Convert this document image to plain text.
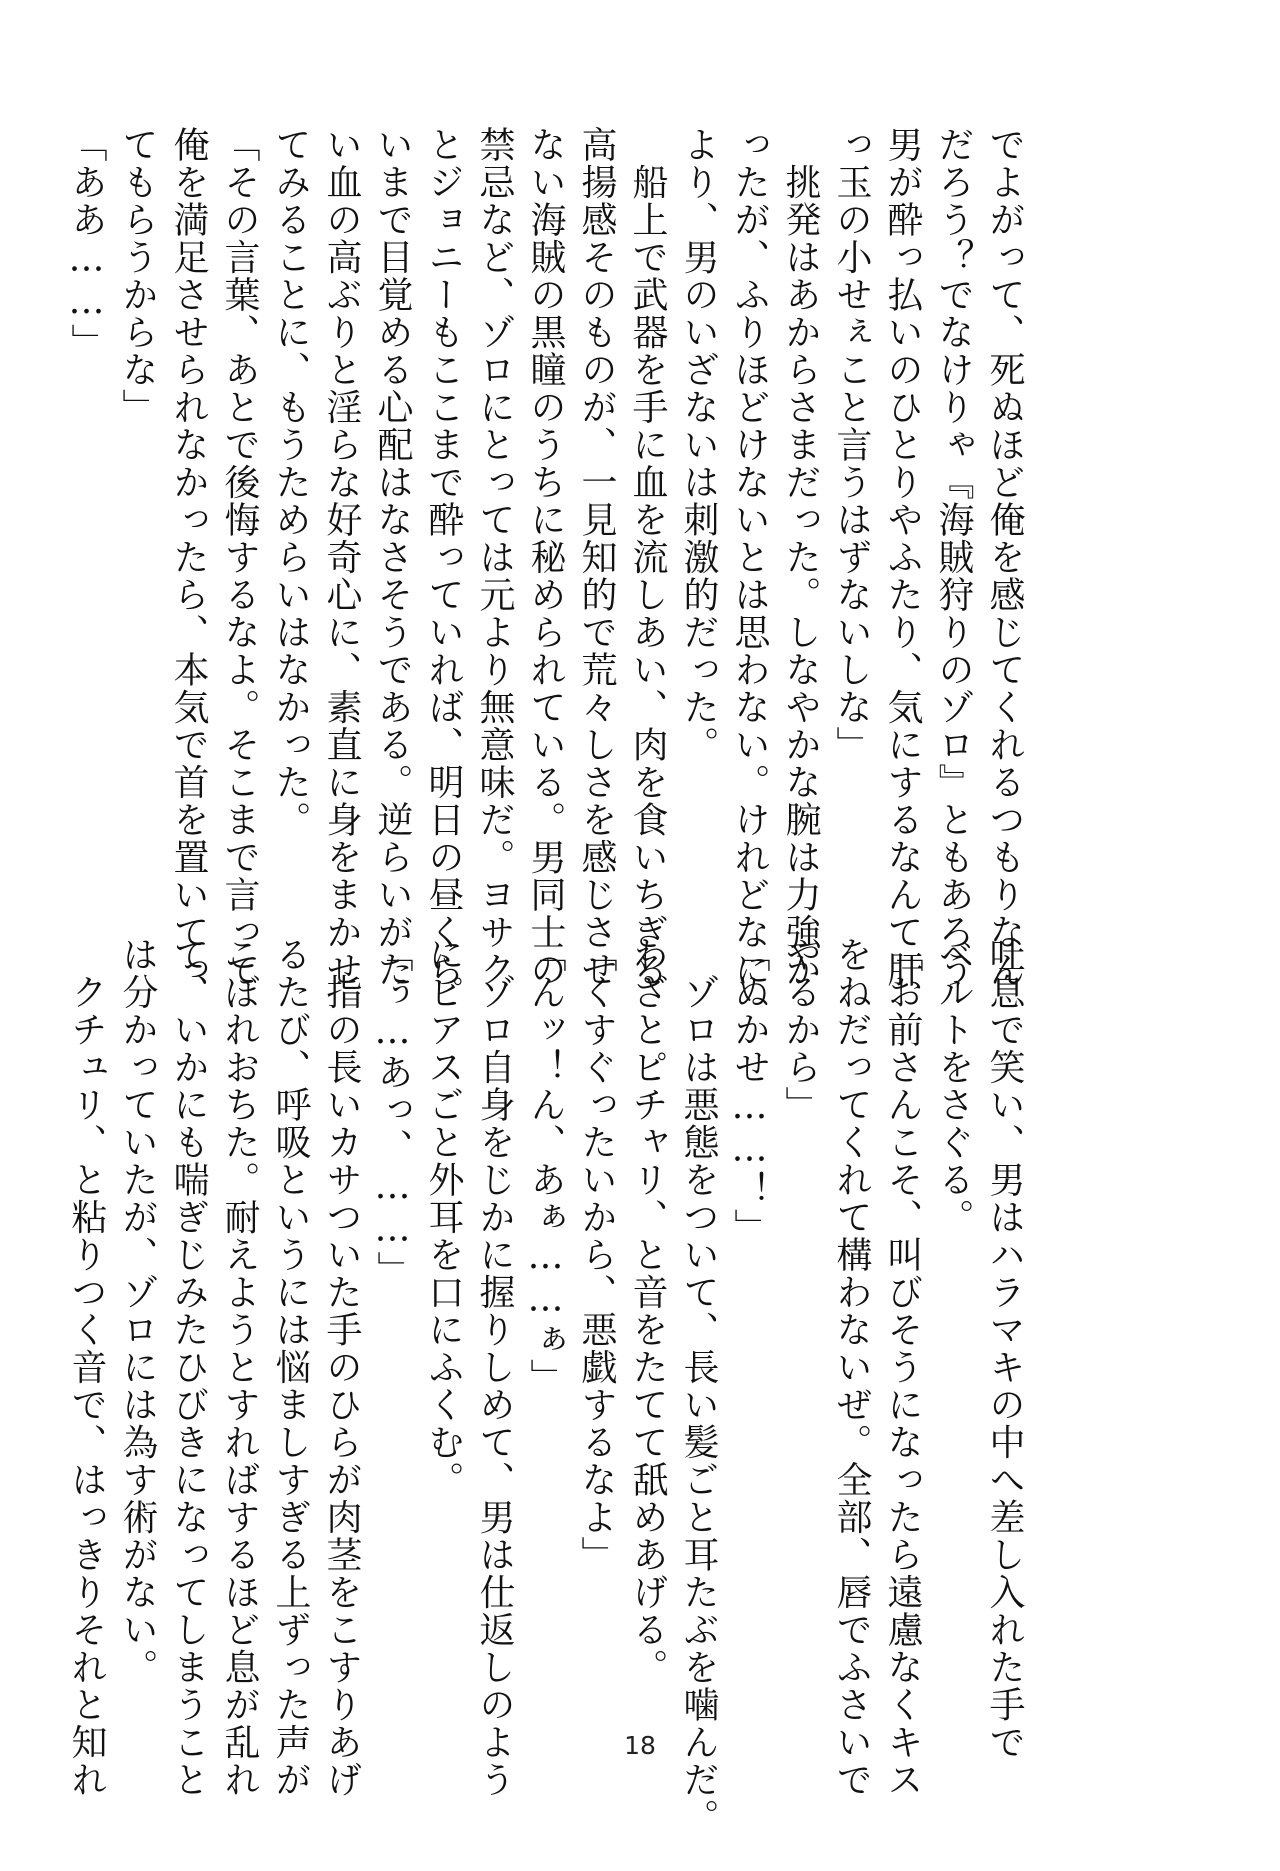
でよがって、死ぬほど俺を感じてくれるつもりなん
だろう？でなけりゃ『海賊狩りのゾロ』ともあろう
男が酔っ払いのひとりやふたり、気にするなんて肝
っ玉の小せぇこと言うはずないしな」
　挑発はあからさまだった。しなやかな腕は力強か
ったが、ふりほどけないとは思わない。けれどなに
より、男のいざないは刺激的だった。
　船上で武器を手に血を流しあい、肉を食いちぎる
高揚感そのものが、一見知的で荒々しさを感じさせ
ない海賊の黒瞳のうちに秘められている。男同士の
禁忌など、ゾロにとっては元より無意味だ。ヨサク
とジョニーもここまで酔っていれば、明日の昼くら
いまで目覚める心配はなさそうである。逆らいがた
い血の高ぶりと淫らな好奇心に、素直に身をまかせ
てみることに、もうためらいはなかった。
「その言葉、あとで後悔するなよ。そこまで言って
俺を満足させられなかったら、本気で首を置いてっ
てもらうからな」
「ああ……」
吐息で笑い、男はハラマキの中へ差し入れた手で
ベルトをさぐる。
「お前さんこそ、叫びそうになったら遠慮なくキス
をねだってくれて構わないぜ。全部、唇でふさいで
やるから」
「ぬかせ……！」
　ゾロは悪態をついて、長い髪ごと耳たぶを噛んだ。
わざとピチャリ、と音をたてて舐めあげる。
「くすぐったいから、悪戯するなよ」
「んッ！ん、あぁ……ぁ」
　ゾロ自身をじかに握りしめて、男は仕返しのよう
にピアスごと外耳を口にふくむ。
「ぅ…あっ、……」
　指の長いカサついた手のひらが肉茎をこすりあげ
るたび、呼吸というには悩ましすぎる上ずった声が
こぼれおちた。耐えようとすればするほど息が乱れ
て、いかにも喘ぎじみたひびきになってしまうこと
は分かっていたが、ゾロには為す術がない。
　クチュリ、と粘りつく音で、はっきりそれと知れ	18
